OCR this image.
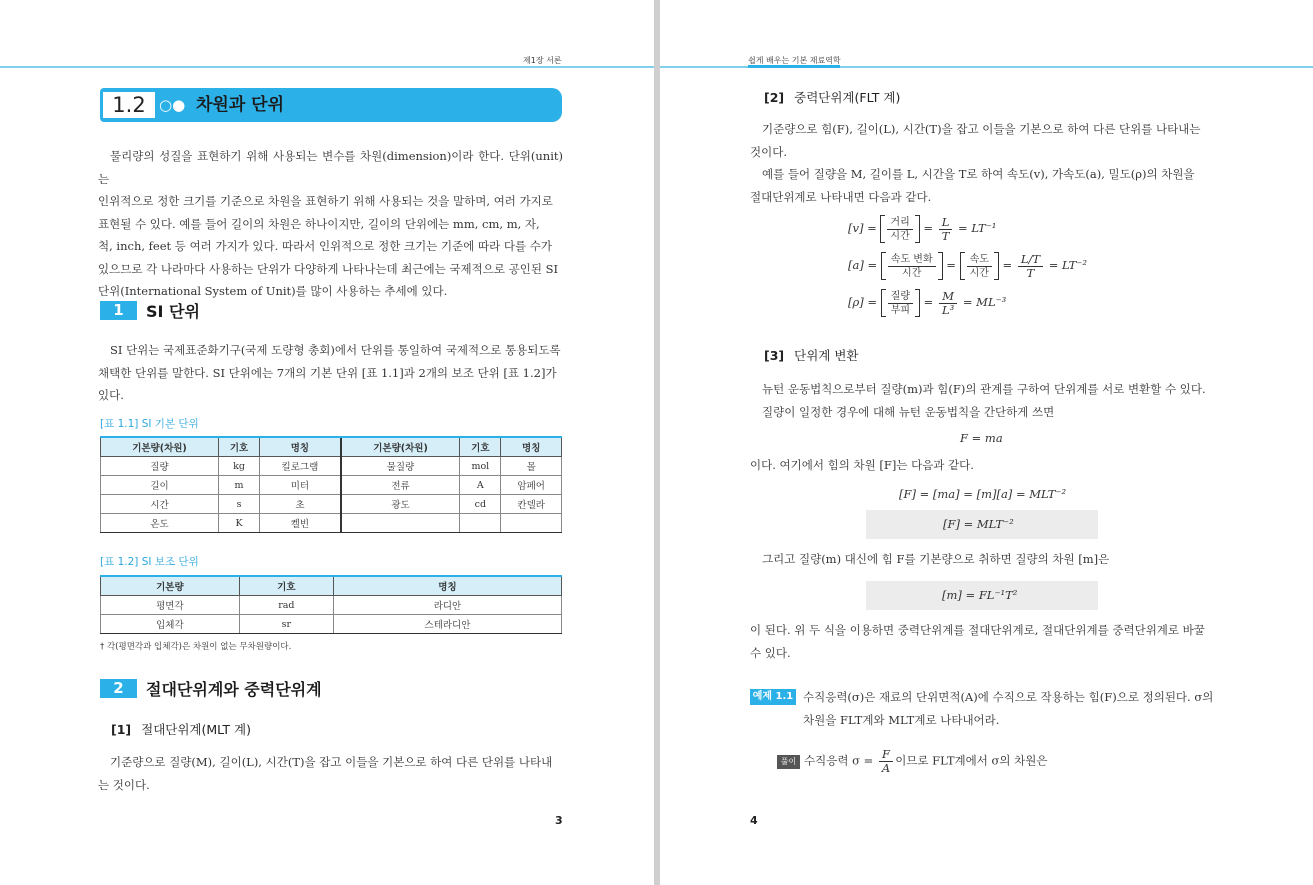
제1장 서론
1.2 ○● 차원과 단위
물리량의 성질을 표현하기 위해 사용되는 변수를 차원(dimension)이라 한다. 단위(unit)는
인위적으로 정한 크기를 기준으로 차원을 표현하기 위해 사용되는 것을 말하며, 여러 가지로
표현될 수 있다. 예를 들어 길이의 차원은 하나이지만, 길이의 단위에는 mm, cm, m, 자,
척, inch, feet 등 여러 가지가 있다. 따라서 인위적으로 정한 크기는 기준에 따라 다를 수가
있으므로 각 나라마다 사용하는 단위가 다양하게 나타나는데 최근에는 국제적으로 공인된 SI
단위(International System of Unit)를 많이 사용하는 추세에 있다.
1	SI 단위
SI 단위는 국제표준화기구(국제 도량형 총회)에서 단위를 통일하여 국제적으로 통용되도록
채택한 단위를 말한다. SI 단위에는 7개의 기본 단위 [표 1.1]과 2개의 보조 단위 [표 1.2]가
있다.
[표 1.1] SI 기본 단위
기본량(차원)	기호	명칭	기본량(차원)	기호	명칭
질량	kg	킬로그램	물질량	mol	몰
길이	m	미터	전류	A	암페어
시간	s	초	광도	cd	칸델라
온도	K	켈빈			
[표 1.2] SI 보조 단위
기본량	기호	명칭
평면각	rad	라디안
입체각	sr	스테라디안
† 각(평면각과 입체각)은 차원이 없는 무차원량이다.
2	절대단위계와 중력단위계
[1] 절대단위계(MLT 계)
기준량으로 질량(M), 길이(L), 시간(T)을 잡고 이들을 기본으로 하여 다른 단위를 나타내
는 것이다.
3
쉽게 배우는 기본 재료역학
[2] 중력단위계(FLT 계)
기준량으로 힘(F), 길이(L), 시간(T)을 잡고 이들을 기본으로 하여 다른 단위를 나타내는
것이다.
예를 들어 질량을 M, 길이를 L, 시간을 T로 하여 속도(v), 가속도(a), 밀도(ρ)의 차원을
절대단위계로 나타내면 다음과 같다.
[v] =	거리
시간
= $\frac{L}{T} = LT^{-1}$
[a] =	속도 변화
시간
=	속도
시간
= $\frac{L/T}{T} = LT^{-2}$
[ρ] =	질량
부피
= $\frac{M}{\text{L³}} = ML^{-3}$
[3] 단위계 변환
뉴턴 운동법칙으로부터 질량(m)과 힘(F)의 관계를 구하여 단위계를 서로 변환할 수 있다.
질량이 일정한 경우에 대해 뉴턴 운동법칙을 간단하게 쓰면
F = ma
이다. 여기에서 힘의 차원 [F]는 다음과 같다.
[F] = [ma] = [m][a] = MLT⁻²
[F] = MLT⁻²
그리고 질량(m) 대신에 힘 F를 기본량으로 취하면 질량의 차원 [m]은
[m] = FL⁻¹T²
이 된다. 위 두 식을 이용하면 중력단위계를 절대단위계로, 절대단위계를 중력단위계로 바꿀
수 있다.
예제 1.1 수직응력(σ)은 재료의 단위면적(A)에 수직으로 작용하는 힘(F)으로 정의된다. σ의
차원을 FLT계와 MLT계로 나타내어라.
풀이 수직응력 $\sigma = \frac{F}{A}$ 이므로 FLT계에서 σ의 차원은
4
